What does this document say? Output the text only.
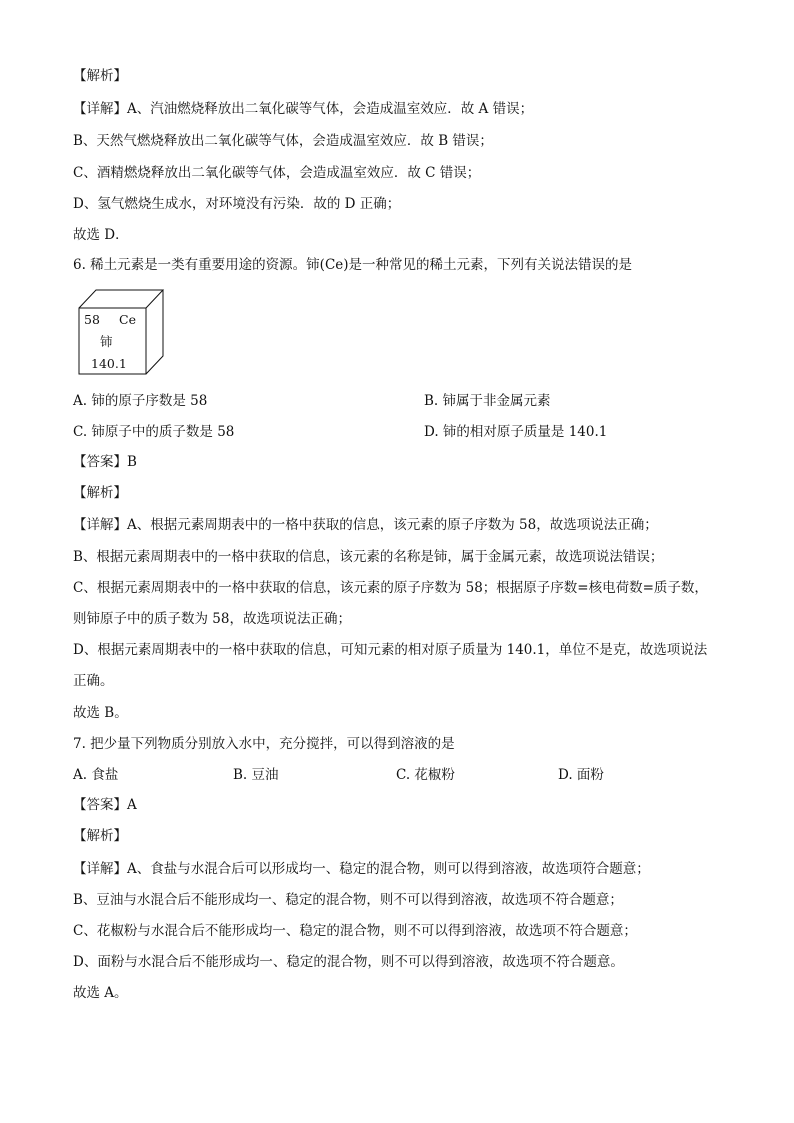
【解析】
【详解】A、汽油燃烧释放出二氧化碳等气体，会造成温室效应．故 A 错误；
B、天然气燃烧释放出二氧化碳等气体，会造成温室效应．故 B 错误；
C、酒精燃烧释放出二氧化碳等气体，会造成温室效应．故 C 错误；
D、氢气燃烧生成水，对环境没有污染．故的 D 正确；
故选 D．
6. 稀土元素是一类有重要用途的资源。铈(Ce)是一种常见的稀土元素，下列有关说法错误的是
58 Ce
铈
140.1
A. 铈的原子序数是 58	B. 铈属于非金属元素
C. 铈原子中的质子数是 58	D. 铈的相对原子质量是 140.1
【答案】B
【解析】
【详解】A、根据元素周期表中的一格中获取的信息，该元素的原子序数为 58，故选项说法正确；
B、根据元素周期表中的一格中获取的信息，该元素的名称是铈，属于金属元素，故选项说法错误；
C、根据元素周期表中的一格中获取的信息，该元素的原子序数为 58；根据原子序数=核电荷数=质子数，
则铈原子中的质子数为 58，故选项说法正确；
D、根据元素周期表中的一格中获取的信息，可知元素的相对原子质量为 140.1，单位不是克，故选项说法
正确。
故选 B。
7. 把少量下列物质分别放入水中，充分搅拌，可以得到溶液的是
A. 食盐	B. 豆油	C. 花椒粉	D. 面粉
【答案】A
【解析】
【详解】A、食盐与水混合后可以形成均一、稳定的混合物，则可以得到溶液，故选项符合题意；
B、豆油与水混合后不能形成均一、稳定的混合物，则不可以得到溶液，故选项不符合题意；
C、花椒粉与水混合后不能形成均一、稳定的混合物，则不可以得到溶液，故选项不符合题意；
D、面粉与水混合后不能形成均一、稳定的混合物，则不可以得到溶液，故选项不符合题意。
故选 A。
